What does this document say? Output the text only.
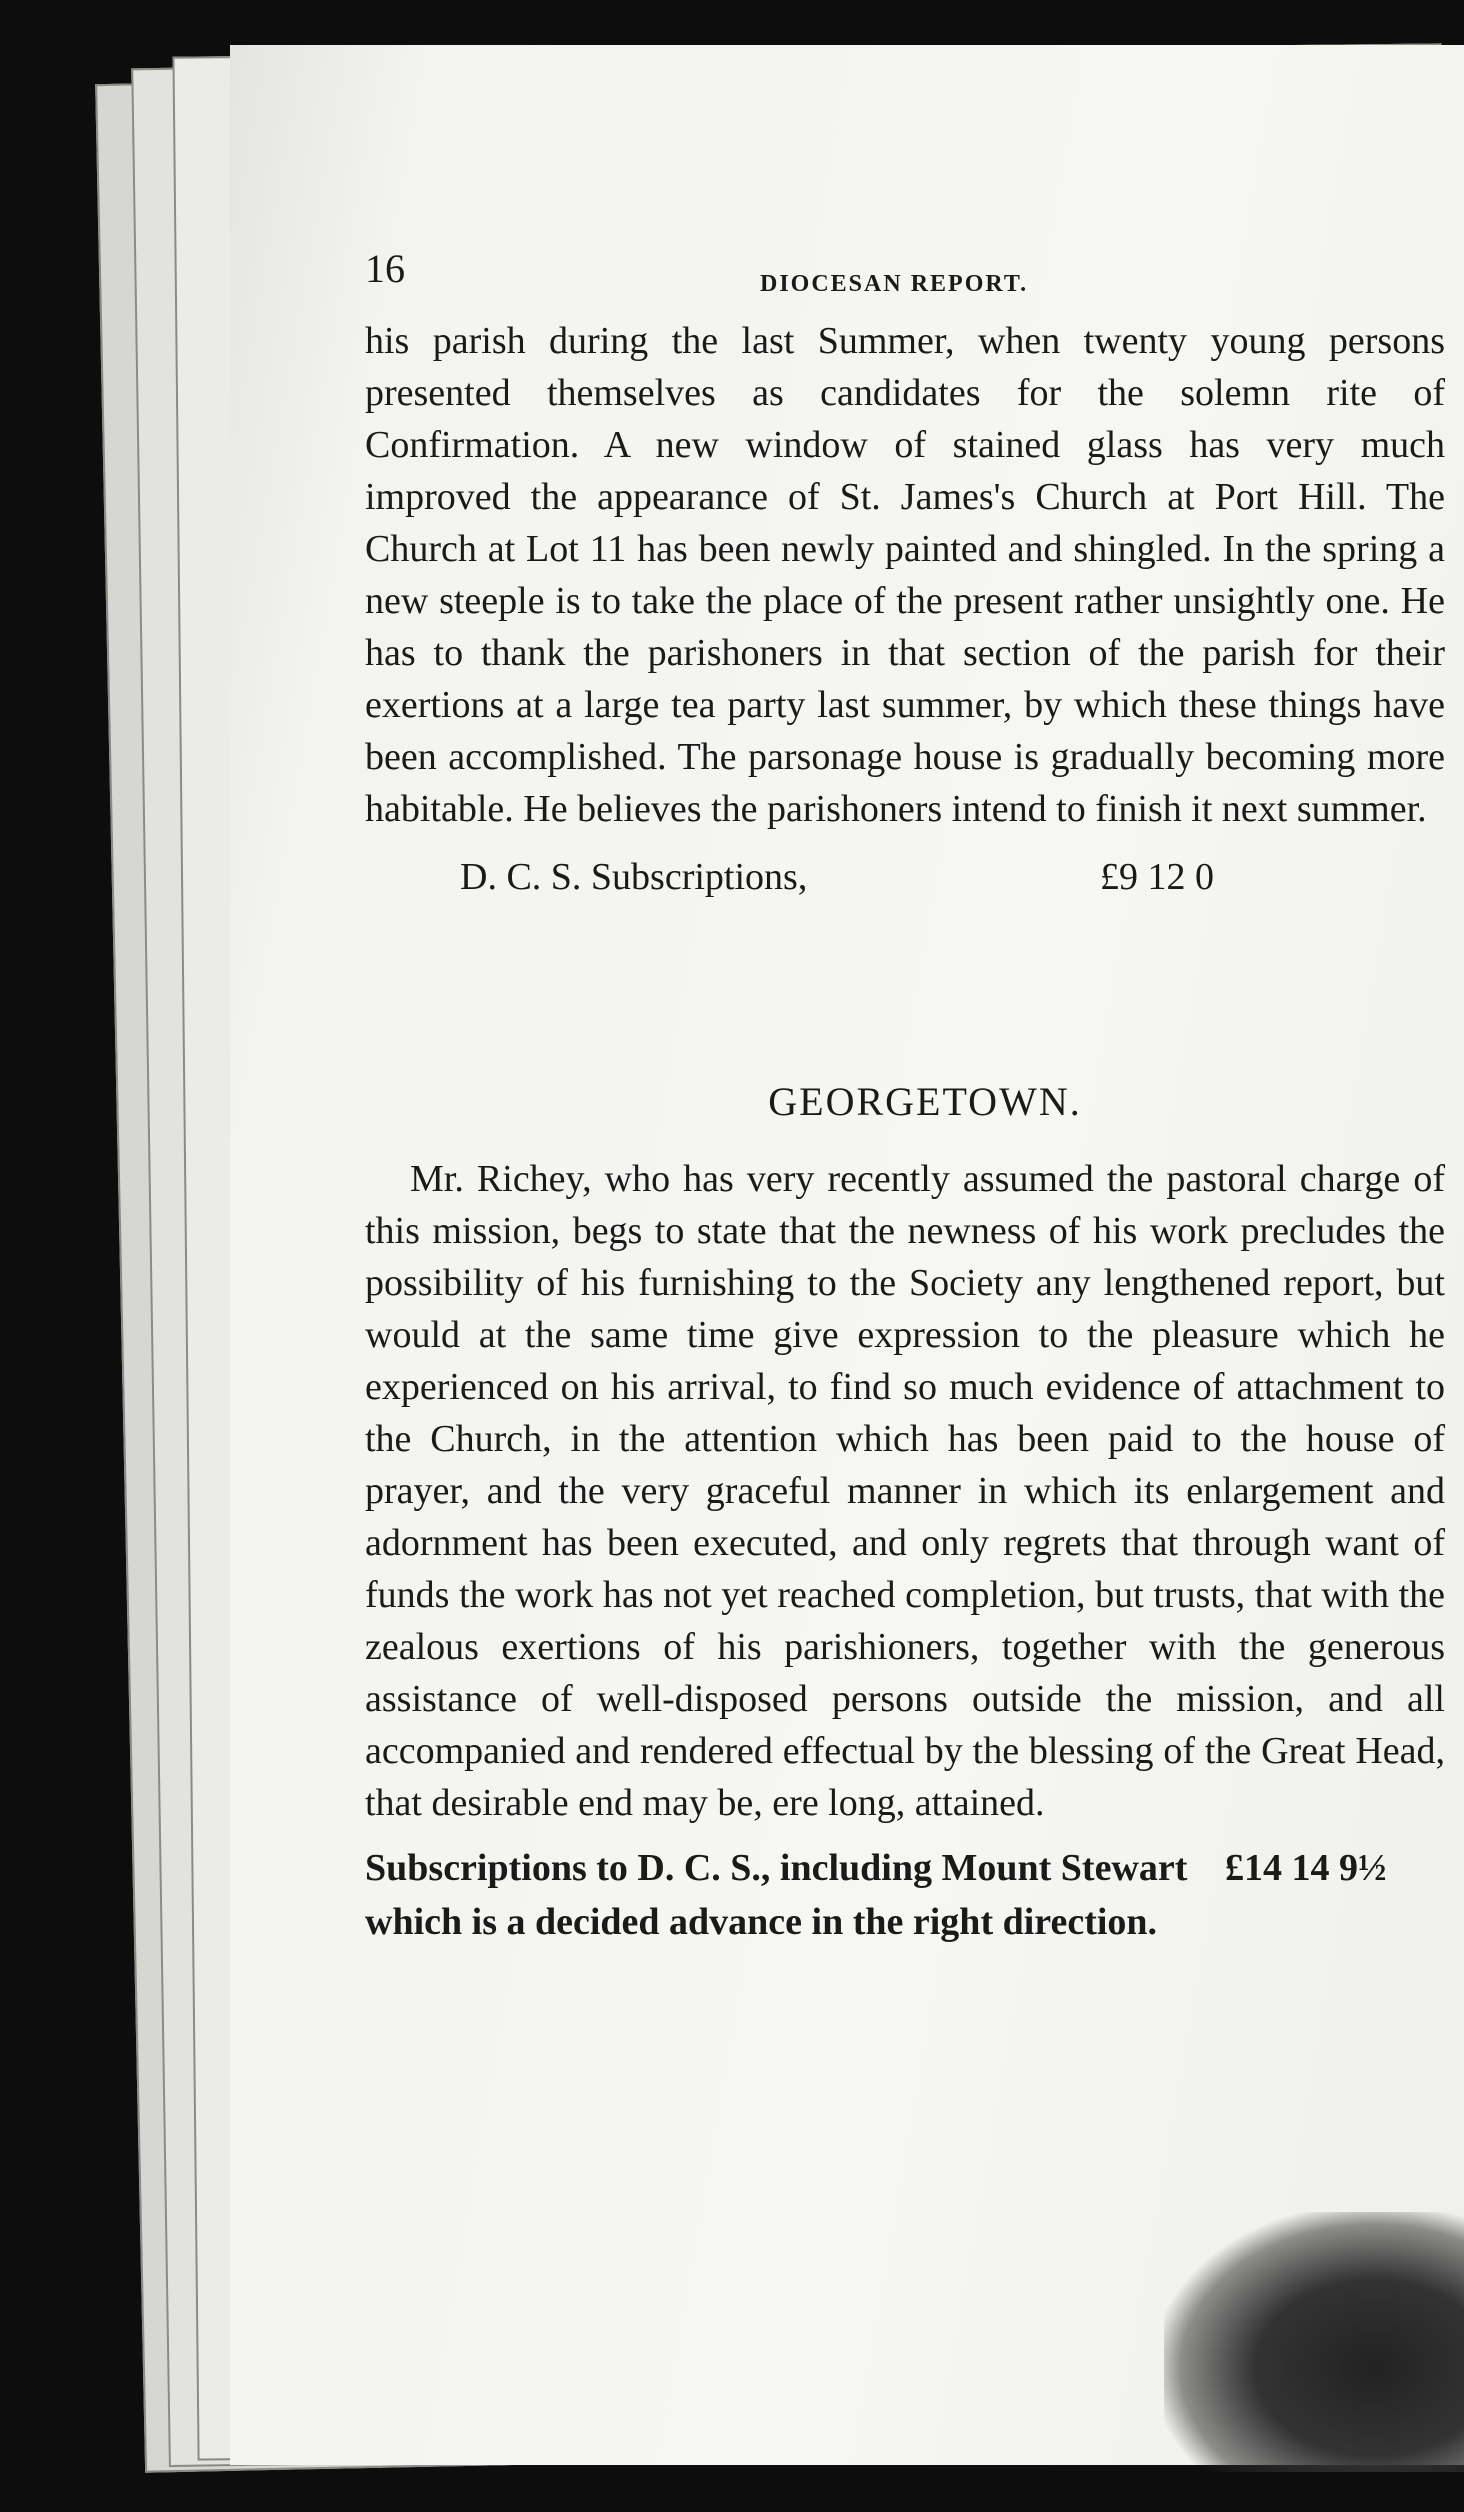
16	DIOCESAN REPORT.

his parish during the last Summer, when twenty young persons presented themselves as candidates for the solemn rite of Confirmation. A new window of stained glass has very much improved the appearance of St. James's Church at Port Hill. The Church at Lot 11 has been newly painted and shingled. In the spring a new steeple is to take the place of the present rather unsightly one. He has to thank the parishoners in that section of the parish for their exertions at a large tea party last summer, by which these things have been accomplished. The parsonage house is gradually becoming more habitable. He believes the parishoners intend to finish it next summer.

D. C. S. Subscriptions,	£9 12 0
GEORGETOWN.

Mr. Richey, who has very recently assumed the pastoral charge of this mission, begs to state that the newness of his work precludes the possibility of his furnishing to the Society any lengthened report, but would at the same time give expression to the pleasure which he experienced on his arrival, to find so much evidence of attachment to the Church, in the attention which has been paid to the house of prayer, and the very graceful manner in which its enlargement and adornment has been executed, and only regrets that through want of funds the work has not yet reached completion, but trusts, that with the zealous exertions of his parishioners, together with the generous assistance of well-disposed persons outside the mission, and all accompanied and rendered effectual by the blessing of the Great Head, that desirable end may be, ere long, attained.

Subscriptions to D. C. S., including Mount Stewart £14 14 9½
which is a decided advance in the right direction.
